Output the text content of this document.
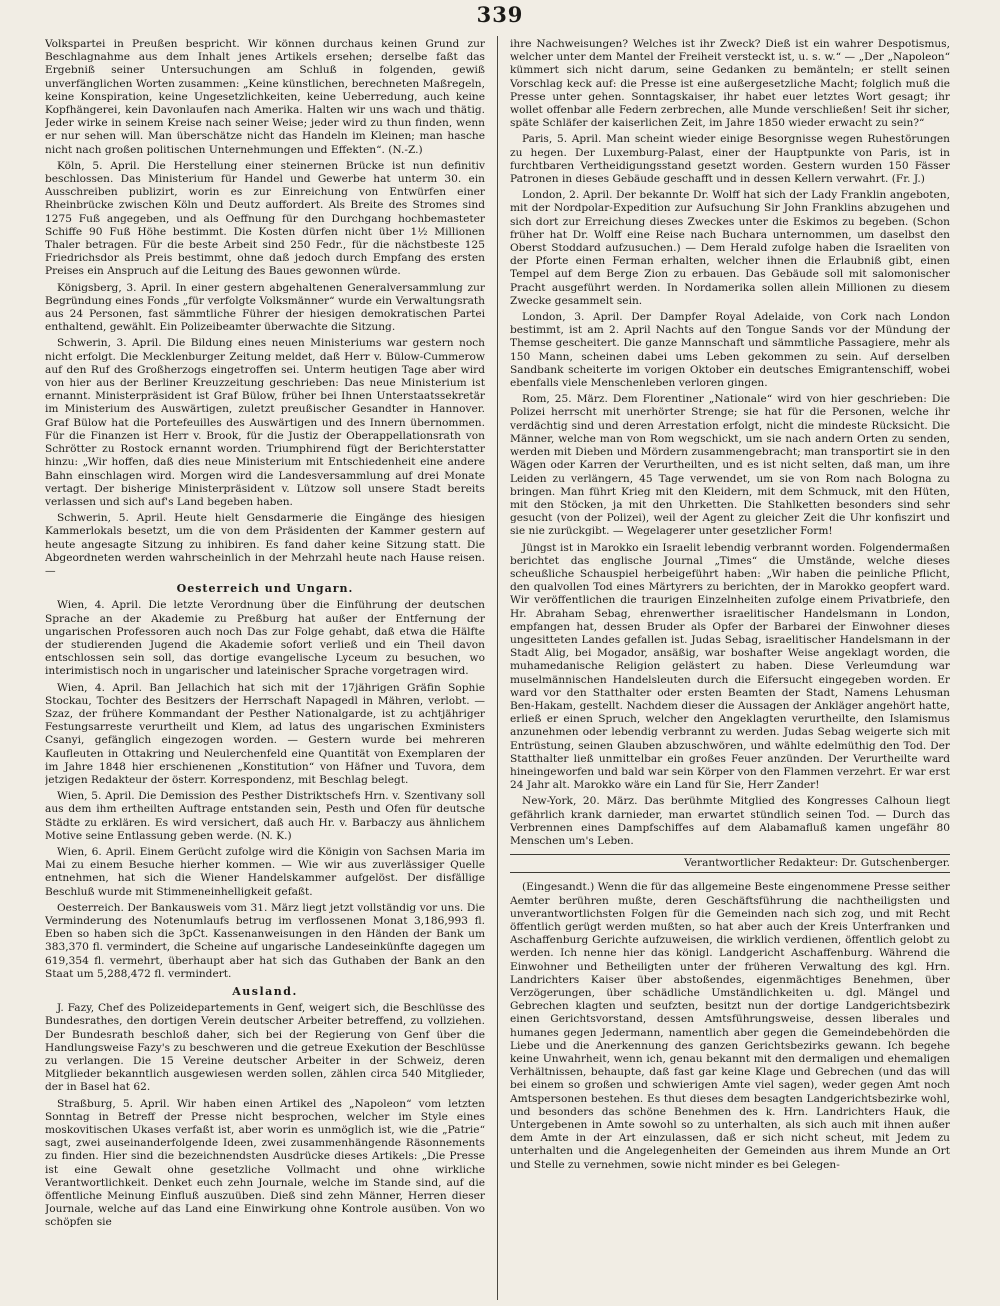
339

Volkspartei in Preußen bespricht. Wir können durchaus keinen Grund zur Beschlagnahme aus dem Inhalt jenes Artikels ersehen; derselbe faßt das Ergebniß seiner Untersuchungen am Schluß in folgenden, gewiß unverfänglichen Worten zusammen: „Keine künstlichen, berechneten Maßregeln, keine Konspiration, keine Ungesetzlichkeiten, keine Ueberredung, auch keine Kopfhängerei, kein Davonlaufen nach Amerika. Halten wir uns wach und thätig. Jeder wirke in seinem Kreise nach seiner Weise; jeder wird zu thun finden, wenn er nur sehen will. Man überschätze nicht das Handeln im Kleinen; man hasche nicht nach großen politischen Unternehmungen und Effekten“. (N.-Z.)

Köln, 5. April. Die Herstellung einer steinernen Brücke ist nun definitiv beschlossen. Das Ministerium für Handel und Gewerbe hat unterm 30. ein Ausschreiben publizirt, worin es zur Einreichung von Entwürfen einer Rheinbrücke zwischen Köln und Deutz auffordert. Als Breite des Stromes sind 1275 Fuß angegeben, und als Oeffnung für den Durchgang hochbemasteter Schiffe 90 Fuß Höhe bestimmt. Die Kosten dürfen nicht über 1½ Millionen Thaler betragen. Für die beste Arbeit sind 250 Fedr., für die nächstbeste 125 Friedrichsdor als Preis bestimmt, ohne daß jedoch durch Empfang des ersten Preises ein Anspruch auf die Leitung des Baues gewonnen würde.

Königsberg, 3. April. In einer gestern abgehaltenen Generalversammlung zur Begründung eines Fonds „für verfolgte Volksmänner“ wurde ein Verwaltungsrath aus 24 Personen, fast sämmtliche Führer der hiesigen demokratischen Partei enthaltend, gewählt. Ein Polizeibeamter überwachte die Sitzung.

Schwerin, 3. April. Die Bildung eines neuen Ministeriums war gestern noch nicht erfolgt. Die Mecklenburger Zeitung meldet, daß Herr v. Bülow-Cummerow auf den Ruf des Großherzogs eingetroffen sei. Unterm heutigen Tage aber wird von hier aus der Berliner Kreuzzeitung geschrieben: Das neue Ministerium ist ernannt. Ministerpräsident ist Graf Bülow, früher bei Ihnen Unterstaatssekretär im Ministerium des Auswärtigen, zuletzt preußischer Gesandter in Hannover. Graf Bülow hat die Portefeuilles des Auswärtigen und des Innern übernommen. Für die Finanzen ist Herr v. Brook, für die Justiz der Oberappellationsrath von Schrötter zu Rostock ernannt worden. Triumphirend fügt der Berichterstatter hinzu: „Wir hoffen, daß dies neue Ministerium mit Entschiedenheit eine andere Bahn einschlagen wird. Morgen wird die Landesversammlung auf drei Monate vertagt. Der bisherige Ministerpräsident v. Lützow soll unsere Stadt bereits verlassen und sich auf's Land begeben haben.

Schwerin, 5. April. Heute hielt Gensdarmerie die Eingänge des hiesigen Kammerlokals besetzt, um die von dem Präsidenten der Kammer gestern auf heute angesagte Sitzung zu inhibiren. Es fand daher keine Sitzung statt. Die Abgeordneten werden wahrscheinlich in der Mehrzahl heute nach Hause reisen. —

Oesterreich und Ungarn.

Wien, 4. April. Die letzte Verordnung über die Einführung der deutschen Sprache an der Akademie zu Preßburg hat außer der Entfernung der ungarischen Professoren auch noch Das zur Folge gehabt, daß etwa die Hälfte der studierenden Jugend die Akademie sofort verließ und ein Theil davon entschlossen sein soll, das dortige evangelische Lyceum zu besuchen, wo interimistisch noch in ungarischer und lateinischer Sprache vorgetragen wird.

Wien, 4. April. Ban Jellachich hat sich mit der 17jährigen Gräfin Sophie Stockau, Tochter des Besitzers der Herrschaft Napagedl in Mähren, verlobt. — Szaz, der frühere Kommandant der Pesther Nationalgarde, ist zu achtjähriger Festungsarreste verurtheilt und Klem, ad latus des ungarischen Exministers Csanyi, gefänglich eingezogen worden. — Gestern wurde bei mehreren Kaufleuten in Ottakring und Neulerchenfeld eine Quantität von Exemplaren der im Jahre 1848 hier erschienenen „Konstitution“ von Häfner und Tuvora, dem jetzigen Redakteur der österr. Korrespondenz, mit Beschlag belegt.

Wien, 5. April. Die Demission des Pesther Distriktschefs Hrn. v. Szentivany soll aus dem ihm ertheilten Auftrage entstanden sein, Pesth und Ofen für deutsche Städte zu erklären. Es wird versichert, daß auch Hr. v. Barbaczy aus ähnlichem Motive seine Entlassung geben werde. (N. K.)

Wien, 6. April. Einem Gerücht zufolge wird die Königin von Sachsen Maria im Mai zu einem Besuche hierher kommen. — Wie wir aus zuverlässiger Quelle entnehmen, hat sich die Wiener Handelskammer aufgelöst. Der disfällige Beschluß wurde mit Stimmeneinhelligkeit gefaßt.

Oesterreich. Der Bankausweis vom 31. März liegt jetzt vollständig vor uns. Die Verminderung des Notenumlaufs betrug im verflossenen Monat 3,186,993 fl. Eben so haben sich die 3pCt. Kassenanweisungen in den Händen der Bank um 383,370 fl. vermindert, die Scheine auf ungarische Landeseinkünfte dagegen um 619,354 fl. vermehrt, überhaupt aber hat sich das Guthaben der Bank an den Staat um 5,288,472 fl. vermindert.

Ausland.

J. Fazy, Chef des Polizeidepartements in Genf, weigert sich, die Beschlüsse des Bundesrathes, den dortigen Verein deutscher Arbeiter betreffend, zu vollziehen. Der Bundesrath beschloß daher, sich bei der Regierung von Genf über die Handlungsweise Fazy's zu beschweren und die getreue Exekution der Beschlüsse zu verlangen. Die 15 Vereine deutscher Arbeiter in der Schweiz, deren Mitglieder bekanntlich ausgewiesen werden sollen, zählen circa 540 Mitglieder, der in Basel hat 62.

Straßburg, 5. April. Wir haben einen Artikel des „Napoleon“ vom letzten Sonntag in Betreff der Presse nicht besprochen, welcher im Style eines moskovitischen Ukases verfaßt ist, aber worin es unmöglich ist, wie die „Patrie“ sagt, zwei auseinanderfolgende Ideen, zwei zusammenhängende Räsonnements zu finden. Hier sind die bezeichnendsten Ausdrücke dieses Artikels: „Die Presse ist eine Gewalt ohne gesetzliche Vollmacht und ohne wirkliche Verantwortlichkeit. Denket euch zehn Journale, welche im Stande sind, auf die öffentliche Meinung Einfluß auszuüben. Dieß sind zehn Männer, Herren dieser Journale, welche auf das Land eine Einwirkung ohne Kontrole ausüben. Von wo schöpfen sie

ihre Nachweisungen? Welches ist ihr Zweck? Dieß ist ein wahrer Despotismus, welcher unter dem Mantel der Freiheit versteckt ist, u. s. w.“ — „Der „Napoleon“ kümmert sich nicht darum, seine Gedanken zu bemänteln; er stellt seinen Vorschlag keck auf: die Presse ist eine außergesetzliche Macht; folglich muß die Presse unter gehen. Sonntagskaiser, ihr habet euer letztes Wort gesagt; ihr wollet offenbar alle Federn zerbrechen, alle Munde verschließen! Seit ihr sicher, späte Schläfer der kaiserlichen Zeit, im Jahre 1850 wieder erwacht zu sein?“

Paris, 5. April. Man scheint wieder einige Besorgnisse wegen Ruhestörungen zu hegen. Der Luxemburg-Palast, einer der Hauptpunkte von Paris, ist in furchtbaren Vertheidigungsstand gesetzt worden. Gestern wurden 150 Fässer Patronen in dieses Gebäude geschafft und in dessen Kellern verwahrt. (Fr. J.)

London, 2. April. Der bekannte Dr. Wolff hat sich der Lady Franklin angeboten, mit der Nordpolar-Expedition zur Aufsuchung Sir John Franklins abzugehen und sich dort zur Erreichung dieses Zweckes unter die Eskimos zu begeben. (Schon früher hat Dr. Wolff eine Reise nach Buchara unternommen, um daselbst den Oberst Stoddard aufzusuchen.) — Dem Herald zufolge haben die Israeliten von der Pforte einen Ferman erhalten, welcher ihnen die Erlaubniß gibt, einen Tempel auf dem Berge Zion zu erbauen. Das Gebäude soll mit salomonischer Pracht ausgeführt werden. In Nordamerika sollen allein Millionen zu diesem Zwecke gesammelt sein.

London, 3. April. Der Dampfer Royal Adelaide, von Cork nach London bestimmt, ist am 2. April Nachts auf den Tongue Sands vor der Mündung der Themse gescheitert. Die ganze Mannschaft und sämmtliche Passagiere, mehr als 150 Mann, scheinen dabei ums Leben gekommen zu sein. Auf derselben Sandbank scheiterte im vorigen Oktober ein deutsches Emigrantenschiff, wobei ebenfalls viele Menschenleben verloren gingen.

Rom, 25. März. Dem Florentiner „Nationale“ wird von hier geschrieben: Die Polizei herrscht mit unerhörter Strenge; sie hat für die Personen, welche ihr verdächtig sind und deren Arrestation erfolgt, nicht die mindeste Rücksicht. Die Männer, welche man von Rom wegschickt, um sie nach andern Orten zu senden, werden mit Dieben und Mördern zusammengebracht; man transportirt sie in den Wägen oder Karren der Verurtheilten, und es ist nicht selten, daß man, um ihre Leiden zu verlängern, 45 Tage verwendet, um sie von Rom nach Bologna zu bringen. Man führt Krieg mit den Kleidern, mit dem Schmuck, mit den Hüten, mit den Stöcken, ja mit den Uhrketten. Die Stahlketten besonders sind sehr gesucht (von der Polizei), weil der Agent zu gleicher Zeit die Uhr konfiszirt und sie nie zurückgibt. — Wegelagerer unter gesetzlicher Form!

Jüngst ist in Marokko ein Israelit lebendig verbrannt worden. Folgendermaßen berichtet das englische Journal „Times“ die Umstände, welche dieses scheußliche Schauspiel herbeigeführt haben: „Wir haben die peinliche Pflicht, den qualvollen Tod eines Märtyrers zu berichten, der in Marokko geopfert ward. Wir veröffentlichen die traurigen Einzelnheiten zufolge einem Privatbriefe, den Hr. Abraham Sebag, ehrenwerther israelitischer Handelsmann in London, empfangen hat, dessen Bruder als Opfer der Barbarei der Einwohner dieses ungesitteten Landes gefallen ist. Judas Sebag, israelitischer Handelsmann in der Stadt Alig, bei Mogador, ansäßig, war boshafter Weise angeklagt worden, die muhamedanische Religion gelästert zu haben. Diese Verleumdung war muselmännischen Handelsleuten durch die Eifersucht eingegeben worden. Er ward vor den Statthalter oder ersten Beamten der Stadt, Namens Lehusman Ben-Hakam, gestellt. Nachdem dieser die Aussagen der Ankläger angehört hatte, erließ er einen Spruch, welcher den Angeklagten verurtheilte, den Islamismus anzunehmen oder lebendig verbrannt zu werden. Judas Sebag weigerte sich mit Entrüstung, seinen Glauben abzuschwören, und wählte edelmüthig den Tod. Der Statthalter ließ unmittelbar ein großes Feuer anzünden. Der Verurtheilte ward hineingeworfen und bald war sein Körper von den Flammen verzehrt. Er war erst 24 Jahr alt. Marokko wäre ein Land für Sie, Herr Zander!

New-York, 20. März. Das berühmte Mitglied des Kongresses Calhoun liegt gefährlich krank darnieder, man erwartet stündlich seinen Tod. — Durch das Verbrennen eines Dampfschiffes auf dem Alabamafluß kamen ungefähr 80 Menschen um's Leben.

Verantwortlicher Redakteur: Dr. Gutschenberger.

(Eingesandt.) Wenn die für das allgemeine Beste eingenommene Presse seither Aemter berühren mußte, deren Geschäftsführung die nachtheiligsten und unverantwortlichsten Folgen für die Gemeinden nach sich zog, und mit Recht öffentlich gerügt werden mußten, so hat aber auch der Kreis Unterfranken und Aschaffenburg Gerichte aufzuweisen, die wirklich verdienen, öffentlich gelobt zu werden. Ich nenne hier das königl. Landgericht Aschaffenburg. Während die Einwohner und Betheiligten unter der früheren Verwaltung des kgl. Hrn. Landrichters Kaiser über abstoßendes, eigenmächtiges Benehmen, über Verzögerungen, über schädliche Umständlichkeiten u. dgl. Mängel und Gebrechen klagten und seufzten, besitzt nun der dortige Landgerichtsbezirk einen Gerichtsvorstand, dessen Amtsführungsweise, dessen liberales und humanes gegen Jedermann, namentlich aber gegen die Gemeindebehörden die Liebe und die Anerkennung des ganzen Gerichtsbezirks gewann. Ich begehe keine Unwahrheit, wenn ich, genau bekannt mit den dermaligen und ehemaligen Verhältnissen, behaupte, daß fast gar keine Klage und Gebrechen (und das will bei einem so großen und schwierigen Amte viel sagen), weder gegen Amt noch Amtspersonen bestehen. Es thut dieses dem besagten Landgerichtsbezirke wohl, und besonders das schöne Benehmen des k. Hrn. Landrichters Hauk, die Untergebenen in Amte sowohl so zu unterhalten, als sich auch mit ihnen außer dem Amte in der Art einzulassen, daß er sich nicht scheut, mit Jedem zu unterhalten und die Angelegenheiten der Gemeinden aus ihrem Munde an Ort und Stelle zu vernehmen, sowie nicht minder es bei Gelegen-
